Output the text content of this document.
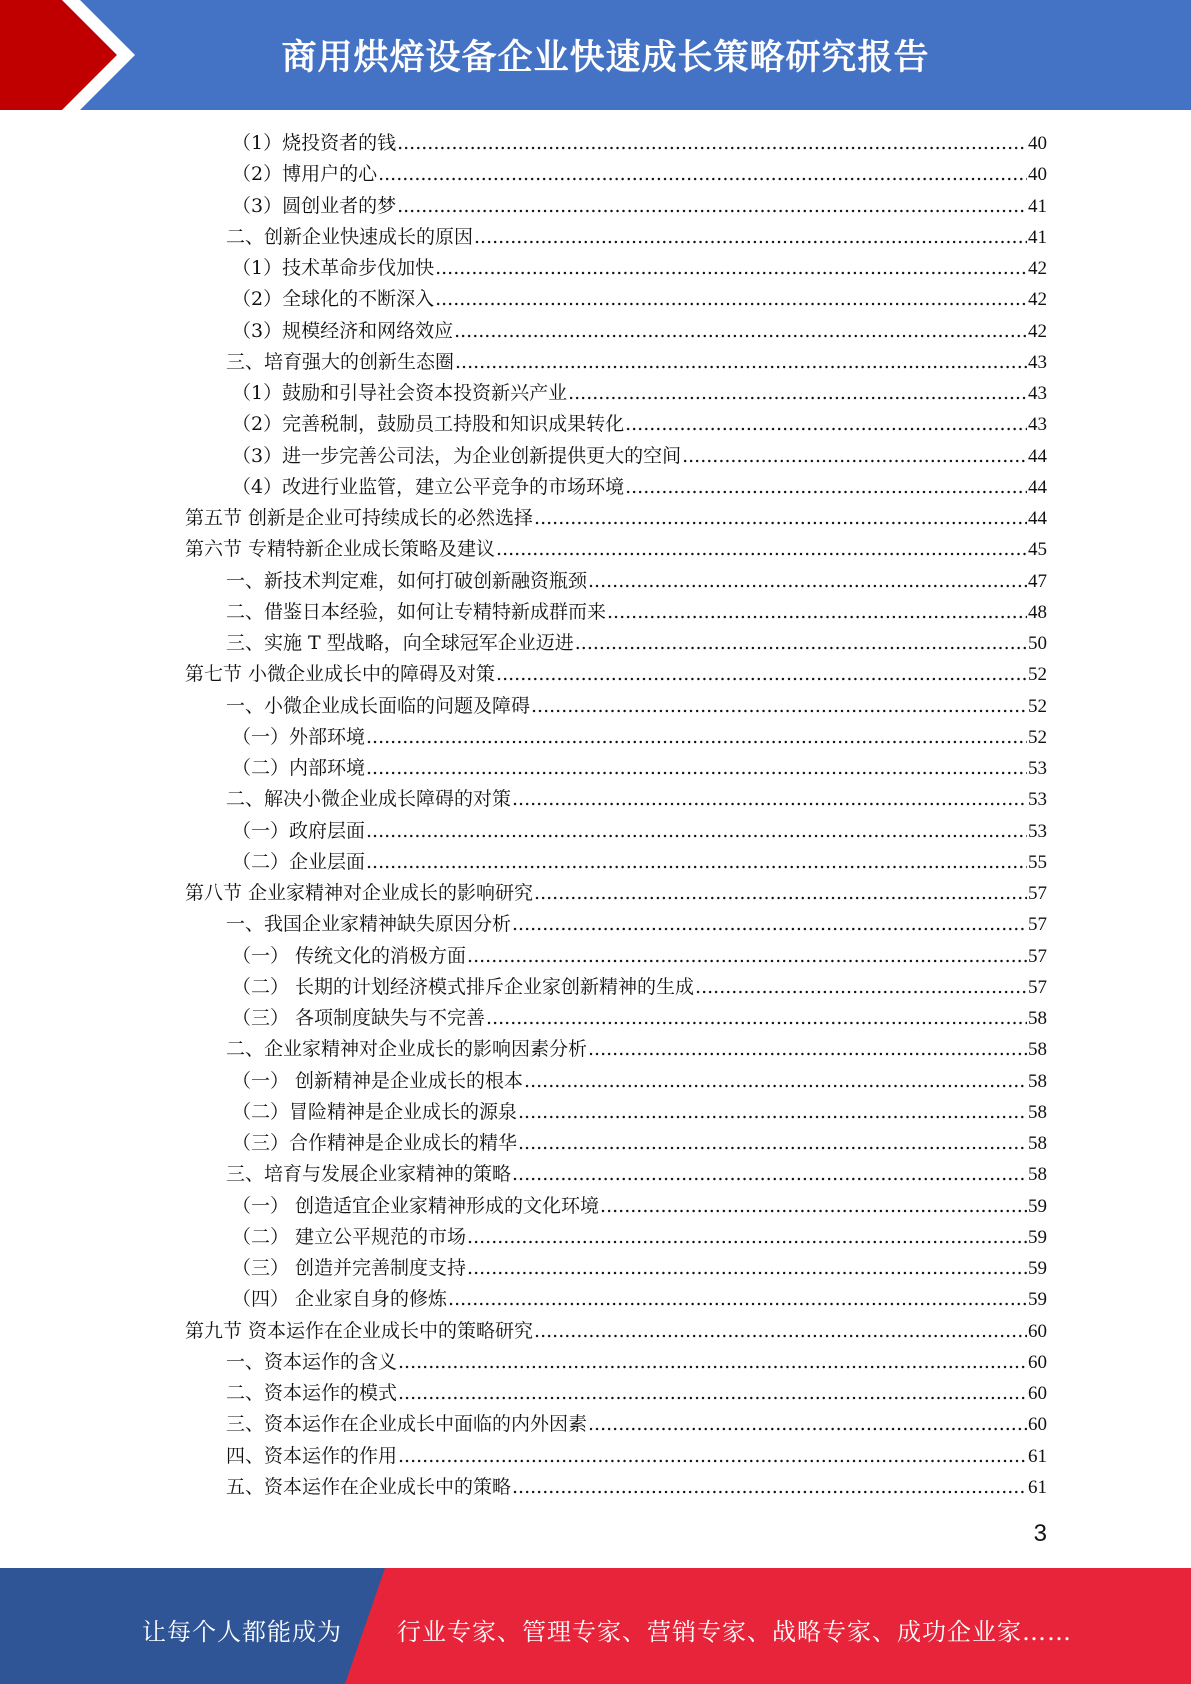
商用烘焙设备企业快速成长策略研究报告
（1）烧投资者的钱 .....	40
（2）博用户的心 .....	40
（3）圆创业者的梦 .....	41
二、创新企业快速成长的原因 .....	41
（1）技术革命步伐加快 .....	42
（2）全球化的不断深入 .....	42
（3）规模经济和网络效应 .....	42
三、培育强大的创新生态圈 .....	43
（1）鼓励和引导社会资本投资新兴产业 .....	43
（2）完善税制，鼓励员工持股和知识成果转化 .....	43
（3）进一步完善公司法，为企业创新提供更大的空间 .....	44
（4）改进行业监管，建立公平竞争的市场环境 .....	44
第五节 创新是企业可持续成长的必然选择 .....	44
第六节 专精特新企业成长策略及建议 .....	45
一、新技术判定难，如何打破创新融资瓶颈 .....	47
二、借鉴日本经验，如何让专精特新成群而来 .....	48
三、实施 T 型战略，向全球冠军企业迈进 .....	50
第七节 小微企业成长中的障碍及对策 .....	52
一、小微企业成长面临的问题及障碍 .....	52
（一）外部环境 .....	52
（二）内部环境 .....	53
二、解决小微企业成长障碍的对策 .....	53
（一）政府层面 .....	53
（二）企业层面 .....	55
第八节 企业家精神对企业成长的影响研究 .....	57
一、我国企业家精神缺失原因分析 .....	57
（一） 传统文化的消极方面 .....	57
（二） 长期的计划经济模式排斥企业家创新精神的生成 .....	57
（三） 各项制度缺失与不完善 .....	58
二、企业家精神对企业成长的影响因素分析 .....	58
（一） 创新精神是企业成长的根本 .....	58
（二）冒险精神是企业成长的源泉 .....	58
（三）合作精神是企业成长的精华 .....	58
三、培育与发展企业家精神的策略 .....	58
（一） 创造适宜企业家精神形成的文化环境 .....	59
（二） 建立公平规范的市场 .....	59
（三） 创造并完善制度支持 .....	59
（四） 企业家自身的修炼 .....	59
第九节 资本运作在企业成长中的策略研究 .....	60
一、资本运作的含义 .....	60
二、资本运作的模式 .....	60
三、资本运作在企业成长中面临的内外因素 .....	60
四、资本运作的作用 .....	61
五、资本运作在企业成长中的策略 .....	61
3
让每个人都能成为 行业专家、管理专家、营销专家、战略专家、成功企业家……
